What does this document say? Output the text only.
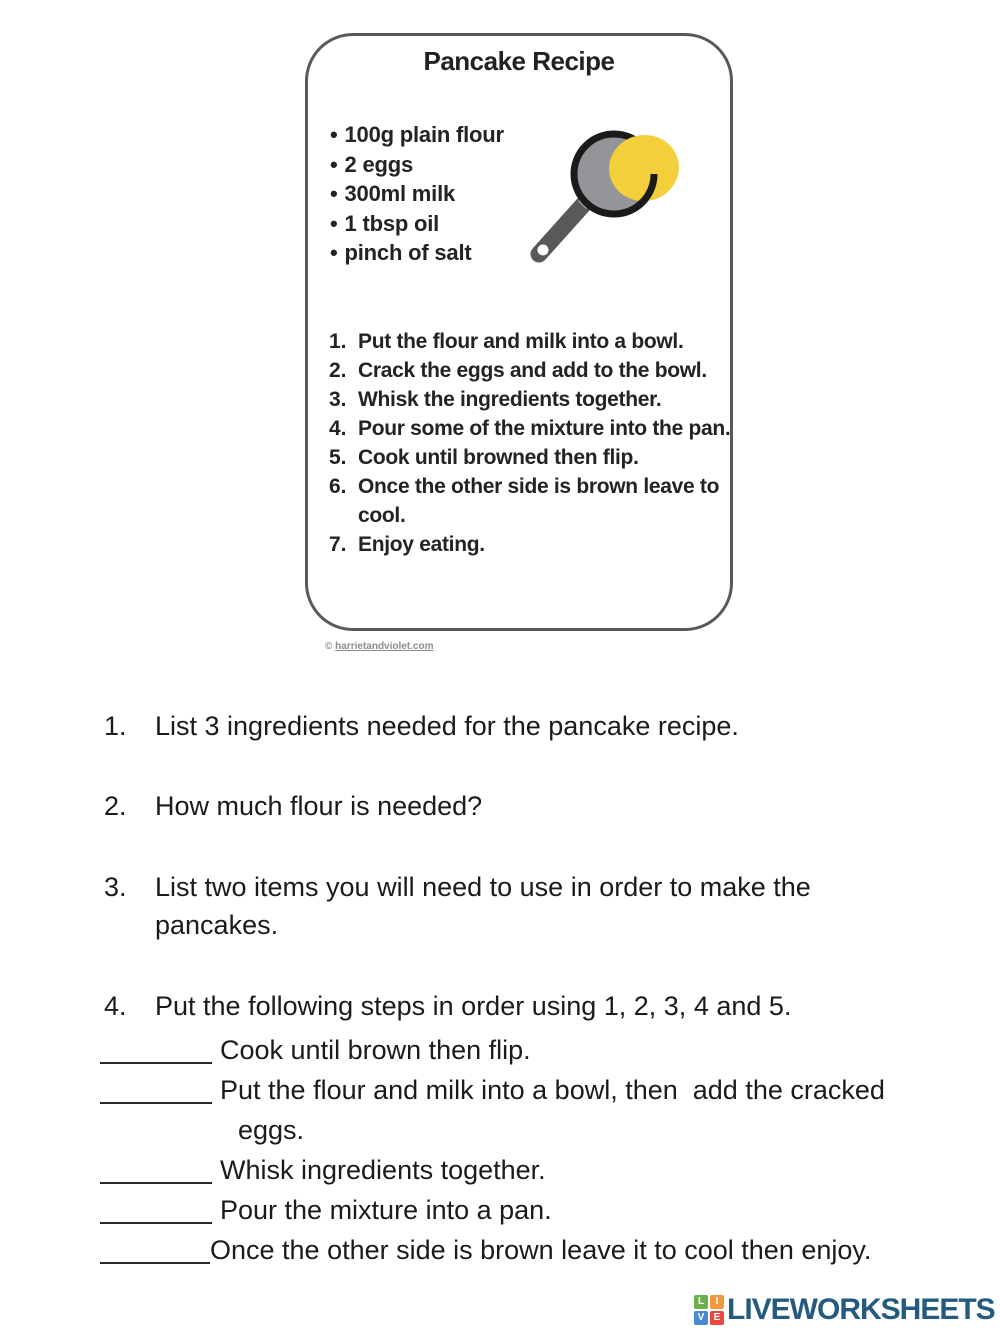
Pancake Recipe
• 100g plain flour
• 2 eggs
• 300ml milk
• 1 tbsp oil
• pinch of salt
1. Put the flour and milk into a bowl.
2. Crack the eggs and add to the bowl.
3. Whisk the ingredients together.
4. Pour some of the mixture into the pan.
5. Cook until browned then flip.
6. Once the other side is brown leave to cool.
7. Enjoy eating.
© harrietandviolet.com
1.	List 3 ingredients needed for the pancake recipe.
2.	How much flour is needed?
3.	List two items you will need to use in order to make the pancakes.
4.	Put the following steps in order using 1, 2, 3, 4 and 5.
Cook until brown then flip.
Put the flour and milk into a bowl, then  add the cracked eggs.
Whisk ingredients together.
Pour the mixture into a pan.
Once the other side is brown leave it to cool then enjoy.
L	I
V E LIVEWORKSHEETS
